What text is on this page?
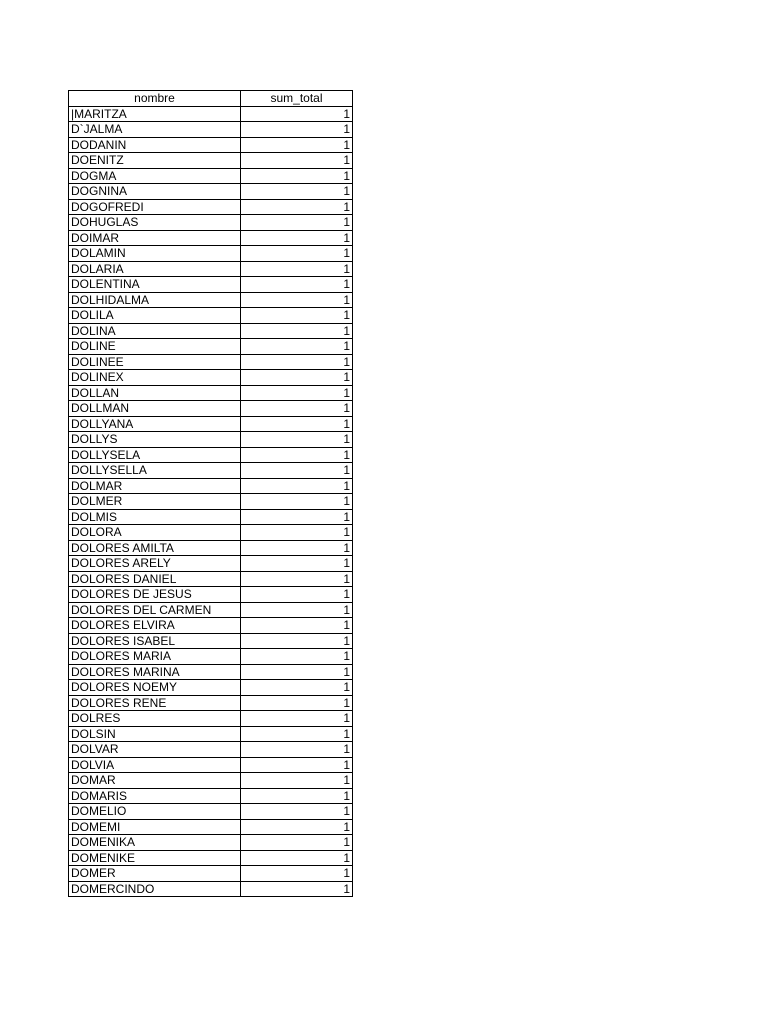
nombre	sum_total
|MARITZA	1
D`JALMA	1
DODANIN	1
DOENITZ	1
DOGMA	1
DOGNINA	1
DOGOFREDI	1
DOHUGLAS	1
DOIMAR	1
DOLAMIN	1
DOLARIA	1
DOLENTINA	1
DOLHIDALMA	1
DOLILA	1
DOLINA	1
DOLINE	1
DOLINEE	1
DOLINEX	1
DOLLAN	1
DOLLMAN	1
DOLLYANA	1
DOLLYS	1
DOLLYSELA	1
DOLLYSELLA	1
DOLMAR	1
DOLMER	1
DOLMIS	1
DOLORA	1
DOLORES AMILTA	1
DOLORES ARELY	1
DOLORES DANIEL	1
DOLORES DE JESUS	1
DOLORES DEL CARMEN	1
DOLORES ELVIRA	1
DOLORES ISABEL	1
DOLORES MARIA	1
DOLORES MARINA	1
DOLORES NOEMY	1
DOLORES RENE	1
DOLRES	1
DOLSIN	1
DOLVAR	1
DOLVIA	1
DOMAR	1
DOMARIS	1
DOMELIO	1
DOMEMI	1
DOMENIKA	1
DOMENIKE	1
DOMER	1
DOMERCINDO	1
